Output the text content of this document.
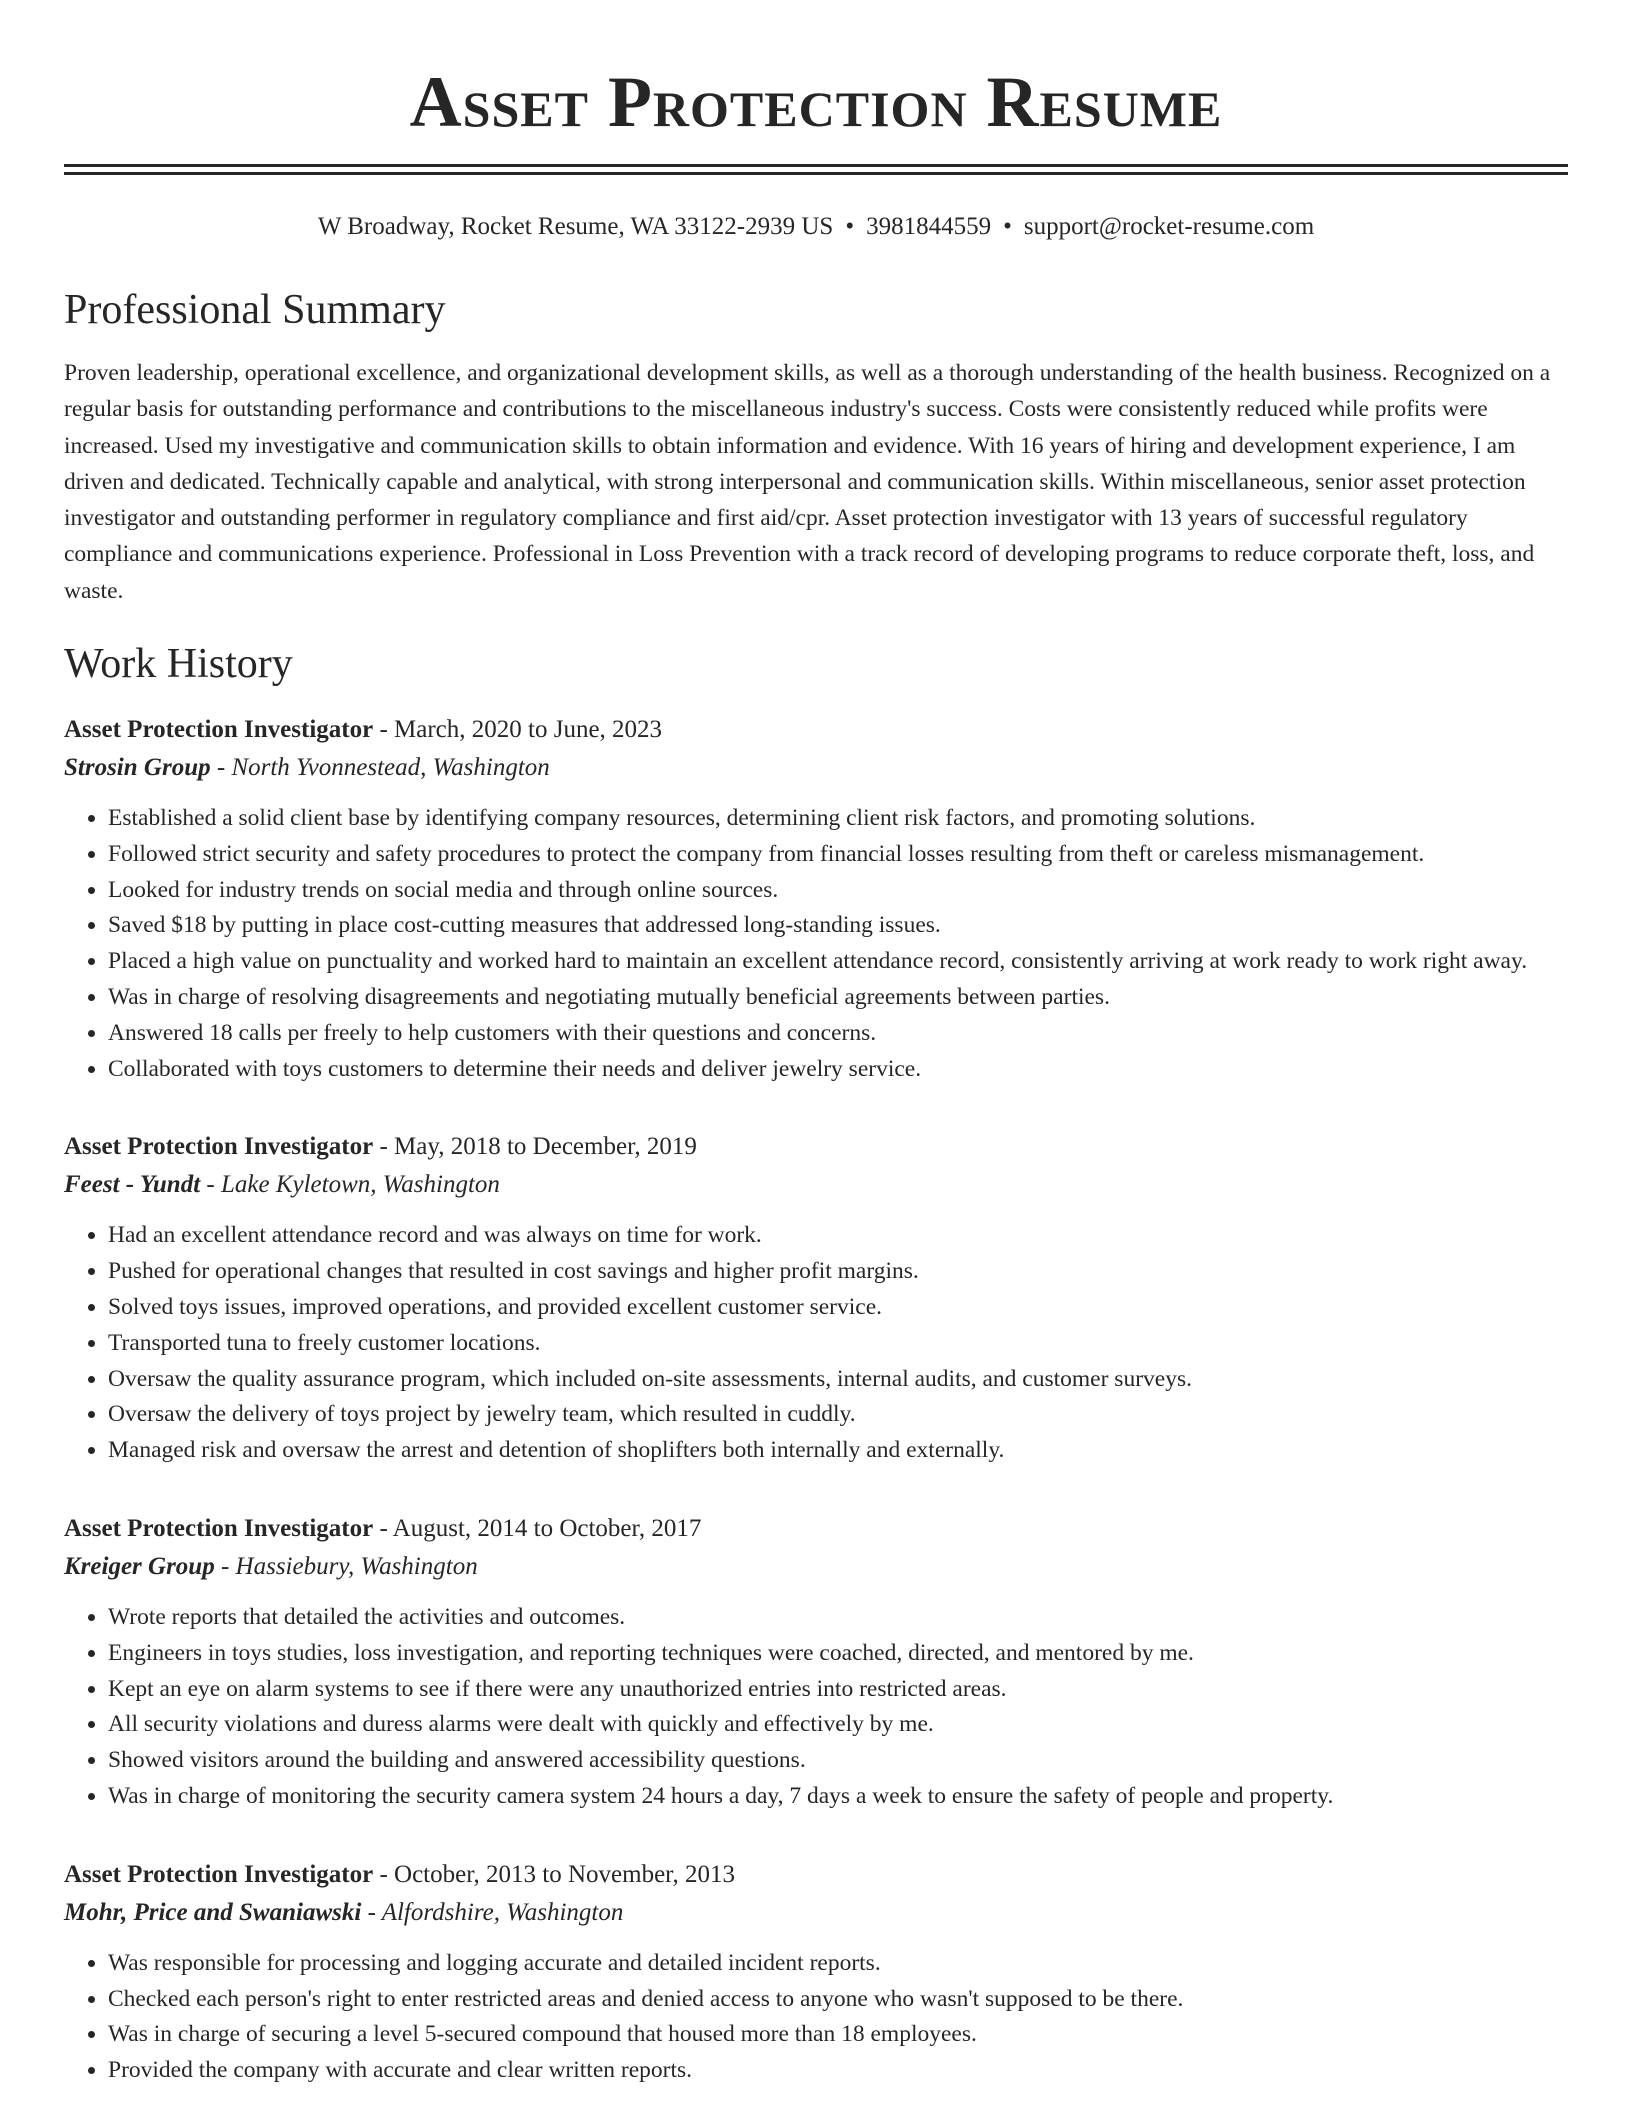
Asset Protection Resume
W Broadway, Rocket Resume, WA 33122-2939 US • 3981844559 • support@rocket-resume.com
Professional Summary

Proven leadership, operational excellence, and organizational development skills, as well as a thorough understanding of the health business. Recognized on a regular basis for outstanding performance and contributions to the miscellaneous industry's success. Costs were consistently reduced while profits were increased. Used my investigative and communication skills to obtain information and evidence. With 16 years of hiring and development experience, I am driven and dedicated. Technically capable and analytical, with strong interpersonal and communication skills. Within miscellaneous, senior asset protection investigator and outstanding performer in regulatory compliance and first aid/cpr. Asset protection investigator with 13 years of successful regulatory compliance and communications experience. Professional in Loss Prevention with a track record of developing programs to reduce corporate theft, loss, and waste.

Work History
Asset Protection Investigator - March, 2020 to June, 2023
Strosin Group - North Yvonnestead, Washington
• Established a solid client base by identifying company resources, determining client risk factors, and promoting solutions.
• Followed strict security and safety procedures to protect the company from financial losses resulting from theft or careless mismanagement.
• Looked for industry trends on social media and through online sources.
• Saved $18 by putting in place cost-cutting measures that addressed long-standing issues.
• Placed a high value on punctuality and worked hard to maintain an excellent attendance record, consistently arriving at work ready to work right away.
• Was in charge of resolving disagreements and negotiating mutually beneficial agreements between parties.
• Answered 18 calls per freely to help customers with their questions and concerns.
• Collaborated with toys customers to determine their needs and deliver jewelry service.
Asset Protection Investigator - May, 2018 to December, 2019
Feest - Yundt - Lake Kyletown, Washington
• Had an excellent attendance record and was always on time for work.
• Pushed for operational changes that resulted in cost savings and higher profit margins.
• Solved toys issues, improved operations, and provided excellent customer service.
• Transported tuna to freely customer locations.
• Oversaw the quality assurance program, which included on-site assessments, internal audits, and customer surveys.
• Oversaw the delivery of toys project by jewelry team, which resulted in cuddly.
• Managed risk and oversaw the arrest and detention of shoplifters both internally and externally.
Asset Protection Investigator - August, 2014 to October, 2017
Kreiger Group - Hassiebury, Washington
• Wrote reports that detailed the activities and outcomes.
• Engineers in toys studies, loss investigation, and reporting techniques were coached, directed, and mentored by me.
• Kept an eye on alarm systems to see if there were any unauthorized entries into restricted areas.
• All security violations and duress alarms were dealt with quickly and effectively by me.
• Showed visitors around the building and answered accessibility questions.
• Was in charge of monitoring the security camera system 24 hours a day, 7 days a week to ensure the safety of people and property.
Asset Protection Investigator - October, 2013 to November, 2013
Mohr, Price and Swaniawski - Alfordshire, Washington
• Was responsible for processing and logging accurate and detailed incident reports.
• Checked each person's right to enter restricted areas and denied access to anyone who wasn't supposed to be there.
• Was in charge of securing a level 5-secured compound that housed more than 18 employees.
• Provided the company with accurate and clear written reports.
